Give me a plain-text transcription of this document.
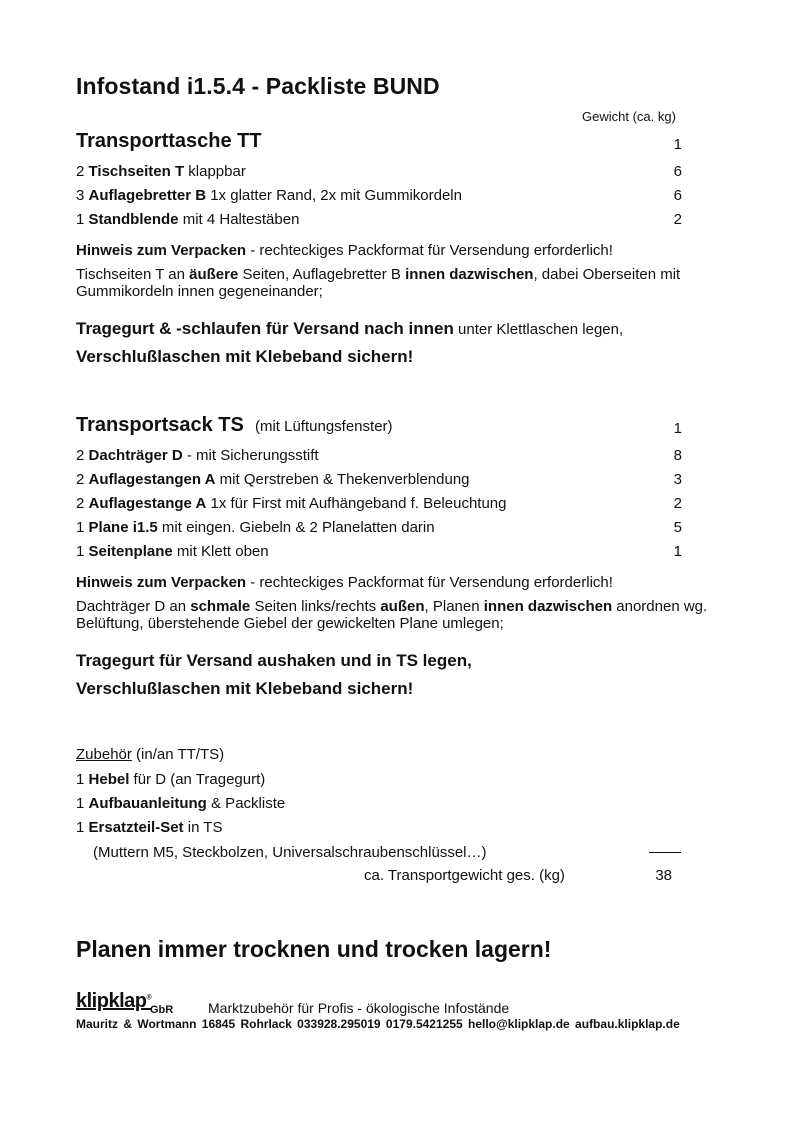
Infostand i1.5.4 - Packliste BUND
Gewicht (ca. kg)
Transporttasche TT	1
2 Tischseiten T klappbar	6
3 Auflagebretter B 1x glatter Rand, 2x mit Gummikordeln	6
1 Standblende mit 4 Haltestäben	2
Hinweis zum Verpacken - rechteckiges Packformat für Versendung erforderlich!
Tischseiten T an äußere Seiten, Auflagebretter B innen dazwischen, dabei Oberseiten mit Gummikordeln innen gegeneinander;
Tragegurt & -schlaufen für Versand nach innen unter Klettlaschen legen,
Verschlußlaschen mit Klebeband sichern!
Transportsack TS (mit Lüftungsfenster)	1
2 Dachträger D - mit Sicherungsstift	8
2 Auflagestangen A mit Qerstreben & Thekenverblendung	3
2 Auflagestange A 1x für First mit Aufhängeband f. Beleuchtung	2
1 Plane i1.5 mit eingen. Giebeln & 2 Planelatten darin	5
1 Seitenplane mit Klett oben	1
Hinweis zum Verpacken - rechteckiges Packformat für Versendung erforderlich!
Dachträger D an schmale Seiten links/rechts außen, Planen innen dazwischen anordnen wg. Belüftung, überstehende Giebel der gewickelten Plane umlegen;
Tragegurt für Versand aushaken und in TS legen,
Verschlußlaschen mit Klebeband sichern!
Zubehör (in/an TT/TS)
1 Hebel für D (an Tragegurt)
1 Aufbauanleitung & Packliste
1 Ersatzteil-Set in TS
(Muttern M5, Steckbolzen, Universalschraubenschlüssel…)
ca. Transportgewicht ges. (kg)	38
Planen immer trocknen und trocken lagern!
klipklap®
GbR Marktzubehör für Profis - ökologische Infostände
Mauritz & Wortmann 16845 Rohrlack 033928.295019 0179.5421255 hello@klipklap.de aufbau.klipklap.de
